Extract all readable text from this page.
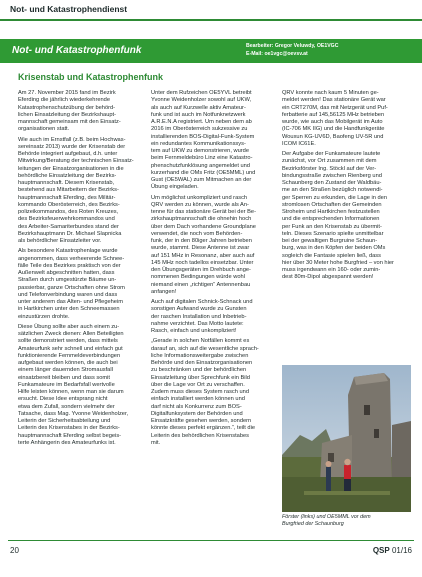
Not- und Katastrophendienst
Not- und Katastrophenfunk	Bearbeiter: Gregor Veluwdy, OE1VGC
E-Mail: oe1vgc@oevsv.at
Krisenstab und Katastrophenfunk

Am 27. November 2015 fand im Bezirk
Eferding die jährlich wiederkehrende
Katastrophenschutzübung der behörd-
lichen Einsatzleitung der Bezirkshaupt-
mannschaft gemeinsam mit den Einsatz-
organisationen statt.

Wie auch im Ernstfall (z.B. beim Hochwas-
sereinsatz 2013) wurde der Krisenstab der
Behörde integriert aufgebaut, d.h. unter
Mitwirkung/Beratung der technischen Einsatz-
leitungen der Einsatzorganisationen in die
behördliche Einsatzleitung der Bezirks-
hauptmannschaft. Diesem Krisenstab,
bestehend aus Mitarbeitern der Bezirks-
hauptmannschaft Eferding, des Militär-
kommando Oberösterreich, des Bezirks-
polizeikommandos, des Roten Kreuzes,
des Bezirksfeuerwehrkommandos und
des Arbeiter-Samariterbundes stand der
Bezirkshauptmann Dr. Michael Slapnicka
als behördlicher Einsatzleiter vor.

Als besondere Katastrophenlage wurde
angenommen, dass verheerende Schnee-
fälle Teile des Bezirkes praktisch von der
Außenwelt abgeschnitten hatten, dass
Straßen durch umgestürzte Bäume un-
passierbar, ganze Ortschaften ohne Strom
und Telefonverbindung waren und dass
unter anderem das Alten- und Pflegeheim
in Hartkirchen unter den Schneemassen
einzustürzen drohte.

Diese Übung sollte aber auch einem zu-
sätzlichen Zweck dienen: Allen Beteiligten
sollte demonstriert werden, dass mittels
Amateurfunk sehr schnell und einfach gut
funktionierende Fernmeldeverbindungen
aufgebaut werden können, die auch bei
einem länger dauernden Stromausfall
einsatzbereit bleiben und dass somit
Funkamateure im Bedarfsfall wertvolle
Hilfe leisten können, wenn man sie darum
ersucht. Diese Idee entsprang nicht
etwa dem Zufall, sondern vielmehr der
Tatsache, dass Mag. Yvonne Weidenholzer,
Leiterin der Sicherheitsabteilung und
Leiterin des Krisenstabes in der Bezirks-
hauptmannschaft Eferding selbst begeis-
terte Anhängerin des Amateurfunks ist.

Unter dem Rufzeichen OE5YVL betreibt
Yvonne Weidenholzer sowohl auf UKW,
als auch auf Kurzwelle aktiv Amateur-
funk und ist auch im Notfunknetzwerk
A.R.E.N.A registriert. Um neben dem ab
2016 im Oberösterreich sukzessive zu
installierenden BOS-Digital-Funk-System
ein redundantes Kommunikationssys-
tem auf UKW zu demonstrieren, wurde
beim Fernmeldebüro Linz eine Katastro-
phenschutzfunklösung angemeldet und
kurzerhand die OMs Fritz (OE5MML) und
Gust (OE5WAL) zum Mitmachen an der
Übung eingeladen.

Um möglichst unkompliziert und rasch
QRV werden zu können, wurde als An-
tenne für das stationäre Gerät bei der Be-
zirkshauptmannschaft die ohnehin hoch
über dem Dach vorhandene Groundplane
verwendet, die noch vom Behörden-
funk, der in den 80iger Jahren betrieben
wurde, stammt. Diese Antenne ist zwar
auf 151 MHz in Resonanz, aber auch auf
145 MHz noch tadellos einsetzbar. Unter
den Übungsgeräten im Drehbuch ange-
nommenen Bedingungen würde wohl
niemand einen „richtigen“ Antennenbau
anfangen!

Auch auf digitalen Schnick-Schnack und
sonstigen Aufwand wurde zu Gunsten
der raschen Installation und Inbetrieb-
nahme verzichtet. Das Motto lautete:
Rasch, einfach und unkompliziert!

„Gerade in solchen Notfällen kommt es
darauf an, sich auf die wesentliche sprach-
liche Informationsweitergabe zwischen
Behörde und den Einsatzorganisationen
zu beschränken und der behördlichen
Einsatzleitung über Sprechfunk ein Bild
über die Lage vor Ort zu verschaffen.
Zudem muss dieses System rasch und
einfach installiert werden können und
darf nicht als Konkurrenz zum BOS-
Digitalfunksystem der Behörden und
Einsatzkräfte gesehen werden, sondern
könnte dieses perfekt ergänzen.“, teilt die
Leiterin des behördlichen Krisenstabes
mit.

QRV konnte nach kaum 5 Minuten ge-
meldet werden! Das stationäre Gerät war
ein CRT270M, das mit Netzgerät und Puf-
ferbatterie auf 145,56125 MHz betrieben
wurde, wie auch das Mobilgerät im Auto
(IC-706 MK IIG) und die Handfunkgeräte
Wouxun KG-UV6D, Baofeng UV-5R und
ICOM IC61E.

Der Aufgabe der Funkamateure lautete
zunächst, vor Ort zusammen mit dem
Bezirksförster Ing. Stöckl auf der Ver-
bindungsstraße zwischen Rienberg und
Schaunberg den Zustand der Waldbäu-
me an den Straßen bezüglich notwendi-
ger Sperren zu erkunden, die Lage in den
stromlosen Ortschaften der Gemeinden
Stroheim und Hartkirchen festzustellen
und die entsprechenden Informationen
per Funk an den Krisenstab zu übermit-
teln. Dieses Szenario spielte unmittelbar
bei der gewaltigen Burgruine Schaun-
burg, was in den Köpfen der beiden OMs
sogleich die Fantasie spielen ließ, dass
hier über 30 Meter hohe Burgfried – von hier
muss irgendwann ein 160- oder zumin-
dest 80m-Dipol abgespannt werden!

Förster (links) und OE5MML vor dem
Burgfried der Schaunburg
20	QSP 01/16
